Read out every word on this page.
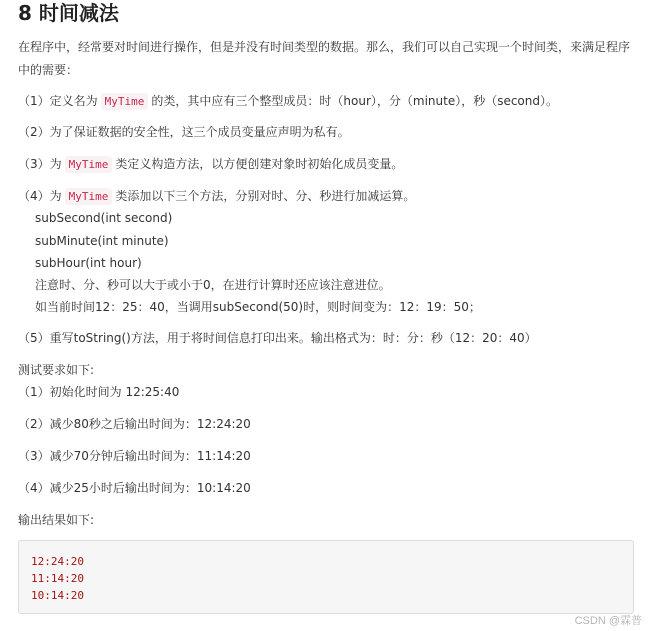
8 时间减法
在程序中，经常要对时间进行操作，但是并没有时间类型的数据。那么，我们可以自己实现一个时间类，来满足程序中的需要：
（1）定义名为 MyTime 的类，其中应有三个整型成员：时（hour），分（minute），秒（second）。
（2）为了保证数据的安全性，这三个成员变量应声明为私有。
（3）为 MyTime 类定义构造方法，以方便创建对象时初始化成员变量。
（4）为 MyTime 类添加以下三个方法，分别对时、分、秒进行加减运算。
subSecond(int second)
subMinute(int minute)
subHour(int hour)
注意时、分、秒可以大于或小于0，在进行计算时还应该注意进位。
如当前时间12：25：40，当调用subSecond(50)时，则时间变为：12：19：50；
（5）重写toString()方法，用于将时间信息打印出来。输出格式为：时：分：秒（12：20：40）
测试要求如下:
（1）初始化时间为 12:25:40
（2）减少80秒之后输出时间为：12:24:20
（3）减少70分钟后输出时间为：11:14:20
（4）减少25小时后输出时间为：10:14:20
输出结果如下:
12:24:20
11:14:20
10:14:20
CSDN @霖普
